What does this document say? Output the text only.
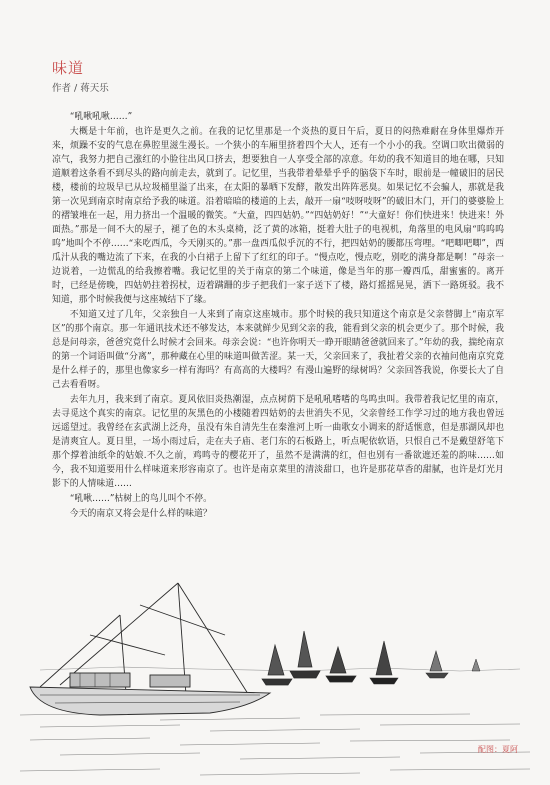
味道
作者 / 蒋天乐

“吼啾吼啾……”

大概是十年前，也许是更久之前。在我的记忆里那是一个炎热的夏日午后，夏日的闷热难耐在身体里爆炸开来，烦躁不安的气息在鼻腔里滋生漫长。一个狭小的车厢里挤着四个大人，还有一个小小的我。空调口吹出微弱的凉气，我努力把自己涨红的小脸往出风口挤去，想要独自一人享受全部的凉意。年幼的我不知道目的地在哪，只知道顺着这条看不到尽头的路向前走去，就到了。记忆里，当我带着晕晕乎乎的脑袋下车时，眼前是一幢破旧的居民楼，楼前的垃圾早已从垃圾桶里溢了出来，在太阳的暴晒下发酵，散发出阵阵恶臭。如果记忆不会骗人，那就是我第一次见到南京时南京给予我的味道。沿着暗暗的楼道的上去，敲开一扇“吱呀吱呀”的破旧木门，开门的婆婆脸上的褶皱堆在一起，用力挤出一个温暖的微笑。“大童，四四姑奶。”“四姑奶好！”“大童好！你们快进来！快进来！外面热。”那是一间不大的屋子，褪了色的木头桌椅，泛了黄的冰箱，挺着大肚子的电视机，角落里的电风扇“呜呜呜呜”地叫个不停……“来吃西瓜，今天刚买的。”那一盘西瓜似乎沉的不行，把四姑奶的腰都压弯哩。“吧唧吧唧”，西瓜汁从我的嘴边流了下来，在我的小白裙子上留下了红红的印子。“慢点吃，慢点吃，别吃的满身都是啊！”母亲一边说着，一边慌乱的给我擦着嘴。我记忆里的关于南京的第二个味道，像是当年的那一瓣西瓜，甜蜜蜜的。离开时，已经是傍晚，四姑奶拄着拐杖，迈着蹒跚的步子把我们一家子送下了楼，路灯摇摇晃晃，洒下一路斑驳。我不知道，那个时候我便与这座城结下了缘。

不知道又过了几年，父亲独自一人来到了南京这座城市。那个时候的我只知道这个南京是父亲替脚上“南京军区”的那个南京。那一年通讯技术还不够发达，本来就鲜少见到父亲的我，能看到父亲的机会更少了。那个时候，我总是问母亲，爸爸究竟什么时候才会回来。母亲会说：“也许你明天一睁开眼睛爸爸就回来了。”年幼的我，揣纶南京的第一个词语叫做“分离”，那种藏在心里的味道叫做苦涩。某一天，父亲回来了，我扯着父亲的衣袖问他南京究竟是什么样子的，那里也像家乡一样有海吗？有高高的大楼吗？有漫山遍野的绿树吗？父亲回答我说，你要长大了自己去看看呀。

去年九月，我来到了南京。夏风依旧炎热潮湿，点点树荫下是吼吼嗜嗜的鸟鸣虫叫。我带着我记忆里的南京，去寻觅这个真实的南京。记忆里的灰黑色的小楼随着四姑奶的去世消失不见，父亲曾经工作学习过的地方我也曾远远遥望过。我曾经在玄武湖上泛舟，虽没有朱自清先生在秦淮河上听一曲歌女小调来的舒适惬意，但是那湖风却也是清爽宜人。夏日里，一场小雨过后，走在夫子庙、老门东的石板路上，听点呢依软语，只恨自己不是戴望舒笔下那个撑着油纸伞的姑娘.不久之前，鸡鸣寺的樱花开了，虽然不是满满的红，但也别有一番欲遮还羞的韵味……如今，我不知道要用什么样味道来形容南京了。也许是南京菜里的清淡甜口，也许是那花草香的甜腻，也许是灯光月影下的人情味道……

“吼啾……”枯树上的鸟儿叫个不停。

今天的南京又将会是什么样的味道？

配图：夏阿
